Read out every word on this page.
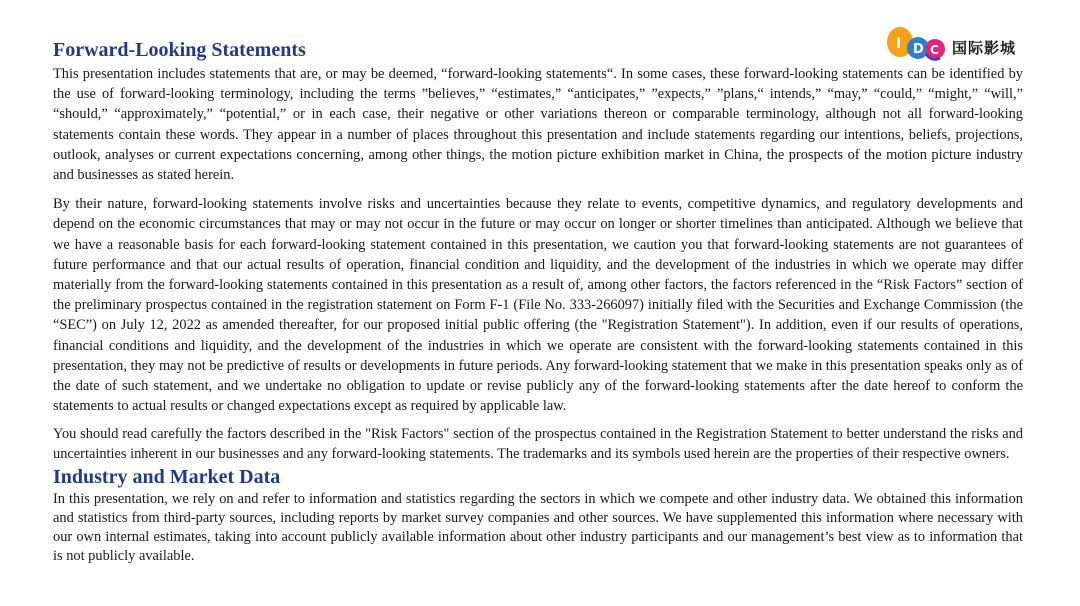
I D C 国际影城
Forward-Looking Statements

This presentation includes statements that are, or may be deemed, “forward-looking statements“. In some cases, these forward-looking statements can be identified by the use of forward-looking terminology, including the terms ”believes,” “estimates,” “anticipates,” ”expects,” ”plans,“ intends,” “may,” “could,” “might,” “will,” “should,” “approximately,” “potential,” or in each case, their negative or other variations thereon or comparable terminology, although not all forward-looking statements contain these words. They appear in a number of places throughout this presentation and include statements regarding our intentions, beliefs, projections, outlook, analyses or current expectations concerning, among other things, the motion picture exhibition market in China, the prospects of the motion picture industry and businesses as stated herein.

By their nature, forward-looking statements involve risks and uncertainties because they relate to events, competitive dynamics, and regulatory developments and depend on the economic circumstances that may or may not occur in the future or may occur on longer or shorter timelines than anticipated. Although we believe that we have a reasonable basis for each forward-looking statement contained in this presentation, we caution you that forward-looking statements are not guarantees of future performance and that our actual results of operation, financial condition and liquidity, and the development of the industries in which we operate may differ materially from the forward-looking statements contained in this presentation as a result of, among other factors, the factors referenced in the “Risk Factors” section of the preliminary prospectus contained in the registration statement on Form F-1 (File No. 333-266097) initially filed with the Securities and Exchange Commission (the “SEC”) on July 12, 2022 as amended thereafter, for our proposed initial public offering (the "Registration Statement"). In addition, even if our results of operations, financial conditions and liquidity, and the development of the industries in which we operate are consistent with the forward-looking statements contained in this presentation, they may not be predictive of results or developments in future periods. Any forward-looking statement that we make in this presentation speaks only as of the date of such statement, and we undertake no obligation to update or revise publicly any of the forward-looking statements after the date hereof to conform the statements to actual results or changed expectations except as required by applicable law.

You should read carefully the factors described in the "Risk Factors" section of the prospectus contained in the Registration Statement to better understand the risks and uncertainties inherent in our businesses and any forward-looking statements. The trademarks and its symbols used herein are the properties of their respective owners.

Industry and Market Data

In this presentation, we rely on and refer to information and statistics regarding the sectors in which we compete and other industry data. We obtained this information and statistics from third-party sources, including reports by market survey companies and other sources. We have supplemented this information where necessary with our own internal estimates, taking into account publicly available information about other industry participants and our management’s best view as to information that is not publicly available.
